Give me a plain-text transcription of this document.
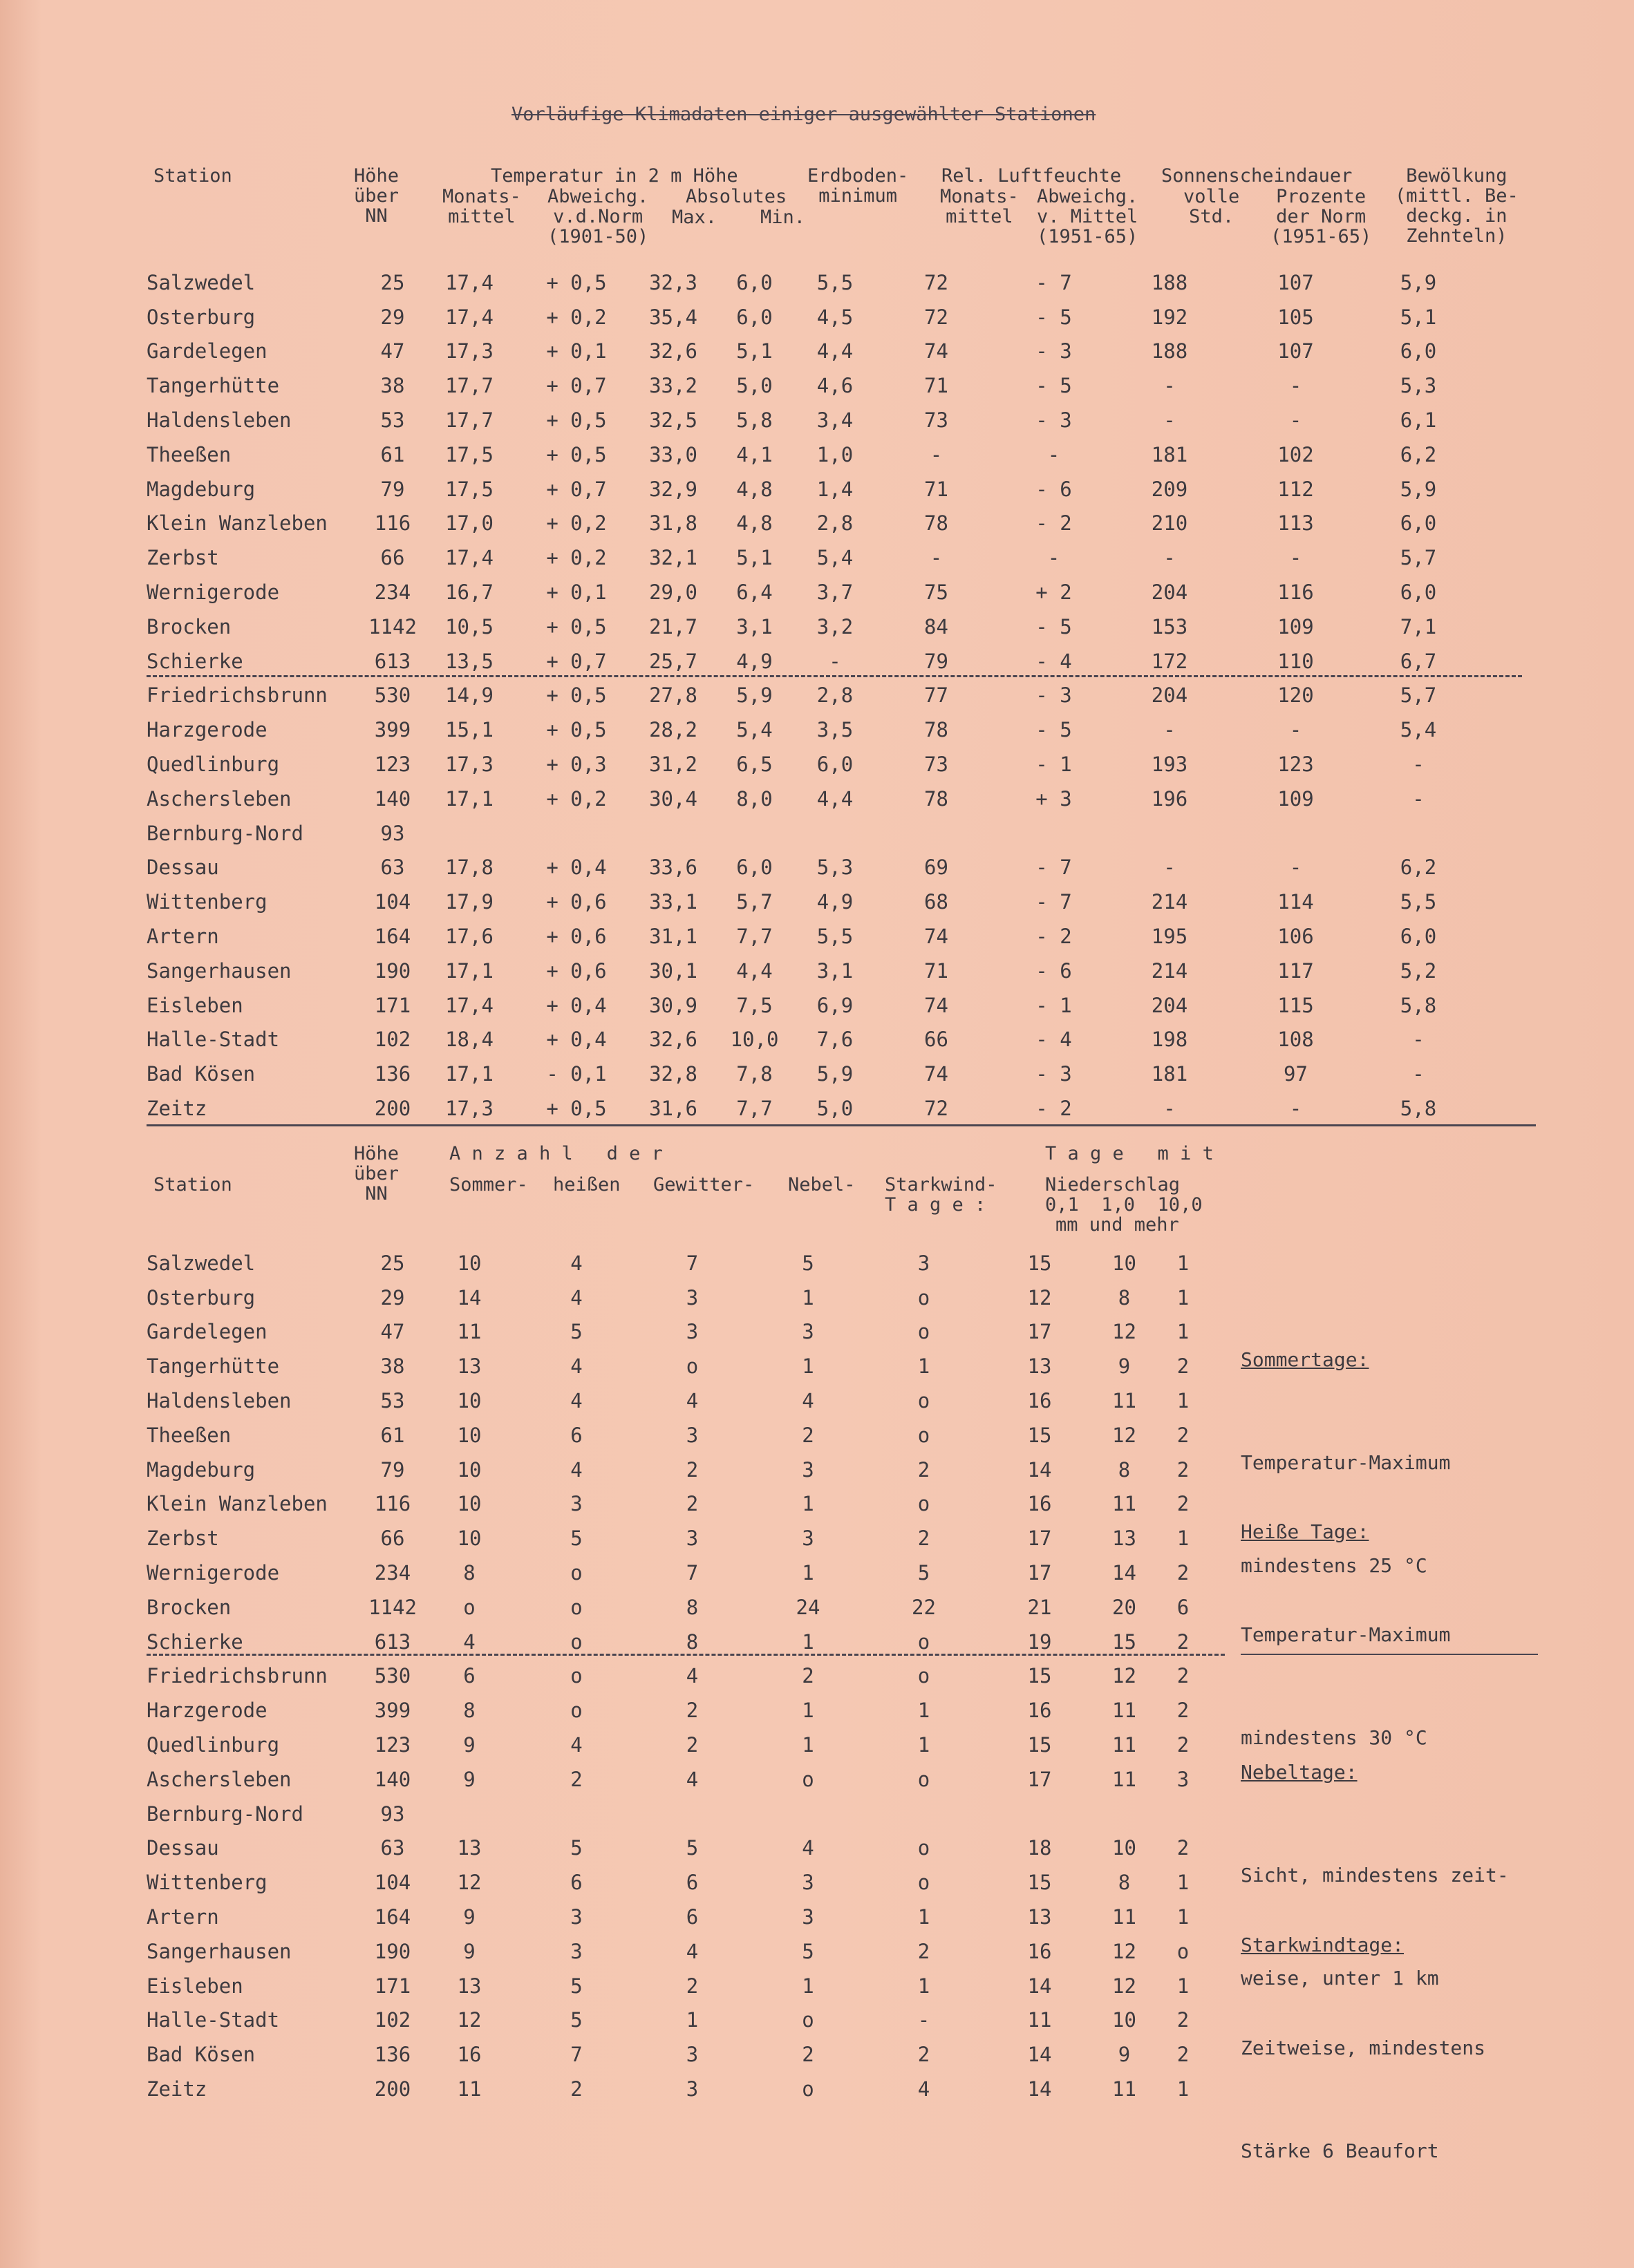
Vorläufige Klimadaten einiger ausgewählter Stationen
Station	Höhe
über
NN
Temperatur in 2 m Höhe
Monats-
mittel
Abweichg.
v.d.Norm
(1901-50)
Absolutes
Max. Min.
Erdboden-
minimum
Rel. Luftfeuchte
Monats-
mittel
Abweichg.
v. Mittel
(1951-65)
Sonnenscheindauer
volle
Std.
Prozente
der Norm
(1951-65)
Bewölkung
(mittl. Be-
deckg. in
Zehnteln)
Salzwedel	25	17,4	+ 0,5	32,3	6,0	5,5	72	- 7	188	107	5,9
Osterburg	29	17,4	+ 0,2	35,4	6,0	4,5	72	- 5	192	105	5,1
Gardelegen	47	17,3	+ 0,1	32,6	5,1	4,4	74	- 3	188	107	6,0
Tangerhütte	38	17,7	+ 0,7	33,2	5,0	4,6	71	- 5	-	-	5,3
Haldensleben	53	17,7	+ 0,5	32,5	5,8	3,4	73	- 3	-	-	6,1
Theeßen	61	17,5	+ 0,5	33,0	4,1	1,0	-	-	181	102	6,2
Magdeburg	79	17,5	+ 0,7	32,9	4,8	1,4	71	- 6	209	112	5,9
Klein Wanzleben	116	17,0	+ 0,2	31,8	4,8	2,8	78	- 2	210	113	6,0
Zerbst	66	17,4	+ 0,2	32,1	5,1	5,4	-	-	-	-	5,7
Wernigerode	234	16,7	+ 0,1	29,0	6,4	3,7	75	+ 2	204	116	6,0
Brocken	1142	10,5	+ 0,5	21,7	3,1	3,2	84	- 5	153	109	7,1
Schierke	613	13,5	+ 0,7	25,7	4,9	-	79	- 4	172	110	6,7
Friedrichsbrunn	530	14,9	+ 0,5	27,8	5,9	2,8	77	- 3	204	120	5,7
Harzgerode	399	15,1	+ 0,5	28,2	5,4	3,5	78	- 5	-	-	5,4
Quedlinburg	123	17,3	+ 0,3	31,2	6,5	6,0	73	- 1	193	123	-
Aschersleben	140	17,1	+ 0,2	30,4	8,0	4,4	78	+ 3	196	109	-
Bernburg-Nord	93										
Dessau	63	17,8	+ 0,4	33,6	6,0	5,3	69	- 7	-	-	6,2
Wittenberg	104	17,9	+ 0,6	33,1	5,7	4,9	68	- 7	214	114	5,5
Artern	164	17,6	+ 0,6	31,1	7,7	5,5	74	- 2	195	106	6,0
Sangerhausen	190	17,1	+ 0,6	30,1	4,4	3,1	71	- 6	214	117	5,2
Eisleben	171	17,4	+ 0,4	30,9	7,5	6,9	74	- 1	204	115	5,8
Halle-Stadt	102	18,4	+ 0,4	32,6	10,0	7,6	66	- 4	198	108	-
Bad Kösen	136	17,1	- 0,1	32,8	7,8	5,9	74	- 3	181	97	-
Zeitz	200	17,3	+ 0,5	31,6	7,7	5,0	72	- 2	-	-	5,8
Höhe
über
NN
Station
A n z a h l   d e r
Sommer- heißen Gewitter- Nebel- Starkwind-
T a g e :
T a g e   m i t
Niederschlag
0,1  1,0  10,0
mm und mehr
Salzwedel	25	10	4	7	5	3	15	10	1
Osterburg	29	14	4	3	1	o	12	8	1
Gardelegen	47	11	5	3	3	o	17	12	1
Tangerhütte	38	13	4	o	1	1	13	9	2
Haldensleben	53	10	4	4	4	o	16	11	1
Theeßen	61	10	6	3	2	o	15	12	2
Magdeburg	79	10	4	2	3	2	14	8	2
Klein Wanzleben	116	10	3	2	1	o	16	11	2
Zerbst	66	10	5	3	3	2	17	13	1
Wernigerode	234	8	o	7	1	5	17	14	2
Brocken	1142	o	o	8	24	22	21	20	6
Schierke	613	4	o	8	1	o	19	15	2
Friedrichsbrunn	530	6	o	4	2	o	15	12	2
Harzgerode	399	8	o	2	1	1	16	11	2
Quedlinburg	123	9	4	2	1	1	15	11	2
Aschersleben	140	9	2	4	o	o	17	11	3
Bernburg-Nord	93								
Dessau	63	13	5	5	4	o	18	10	2
Wittenberg	104	12	6	6	3	o	15	8	1
Artern	164	9	3	6	3	1	13	11	1
Sangerhausen	190	9	3	4	5	2	16	12	o
Eisleben	171	13	5	2	1	1	14	12	1
Halle-Stadt	102	12	5	1	o	-	11	10	2
Bad Kösen	136	16	7	3	2	2	14	9	2
Zeitz	200	11	2	3	o	4	14	11	1

Sommertage:

Temperatur-Maximum

mindestens 25 °C

Heiße Tage:

Temperatur-Maximum

mindestens 30 °C

Nebeltage:

Sicht, mindestens zeit-

weise, unter 1 km

Starkwindtage:

Zeitweise, mindestens

Stärke 6 Beaufort
